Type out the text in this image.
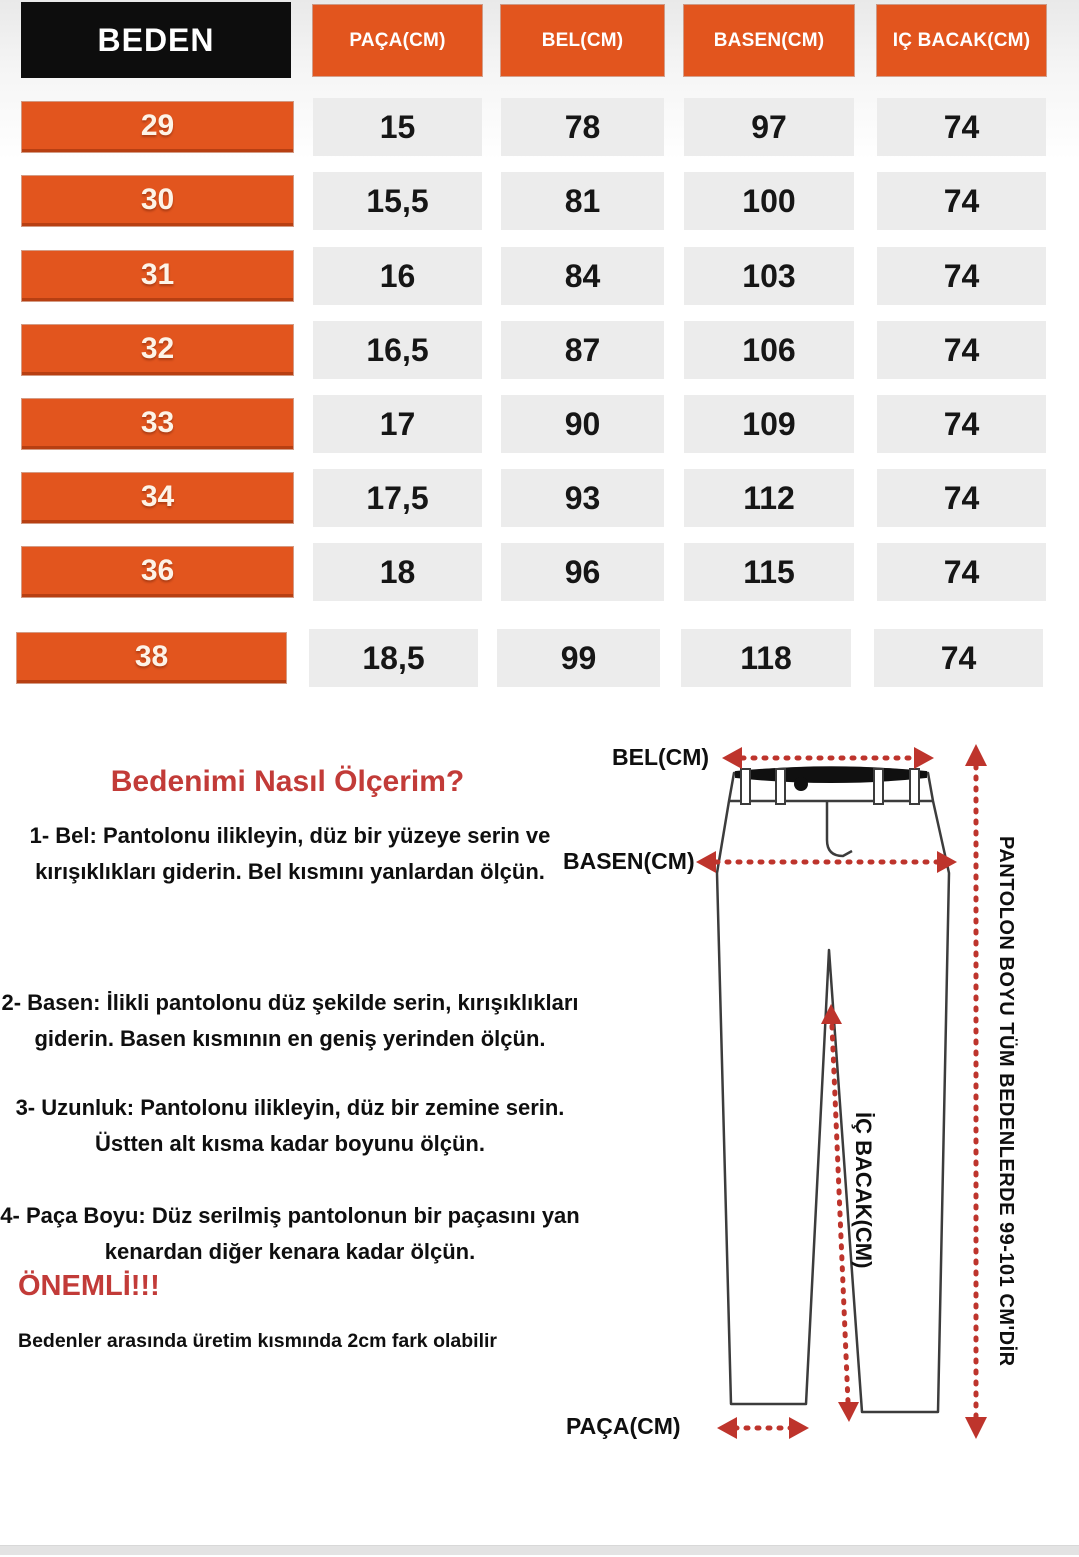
BEDEN	PAÇA(CM)	BEL(CM)	BASEN(CM)	IÇ BACAK(CM)
29	15	78	97	74
30	15,5	81	100	74
31	16	84	103	74
32	16,5	87	106	74
33	17	90	109	74
34	17,5	93	112	74
36	18	96	115	74
38	18,5	99	118	74
Bedenimi Nasıl Ölçerim?
1- Bel: Pantolonu ilikleyin, düz bir yüzeye serin ve kırışıklıkları giderin. Bel kısmını yanlardan ölçün.
2- Basen: İlikli pantolonu düz şekilde serin, kırışıklıkları giderin. Basen kısmının en geniş yerinden ölçün.
3- Uzunluk: Pantolonu ilikleyin, düz bir zemine serin. Üstten alt kısma kadar boyunu ölçün.
4- Paça Boyu: Düz serilmiş pantolonun bir paçasını yan kenardan diğer kenara kadar ölçün.
ÖNEMLİ!!!
Bedenler arasında üretim kısmında 2cm fark olabilir
BEL(CM)
BASEN(CM)
PAÇA(CM)
İÇ BACAK(CM)	PANTOLON BOYU TÜM BEDENLERDE 99-101 CM'DİR
